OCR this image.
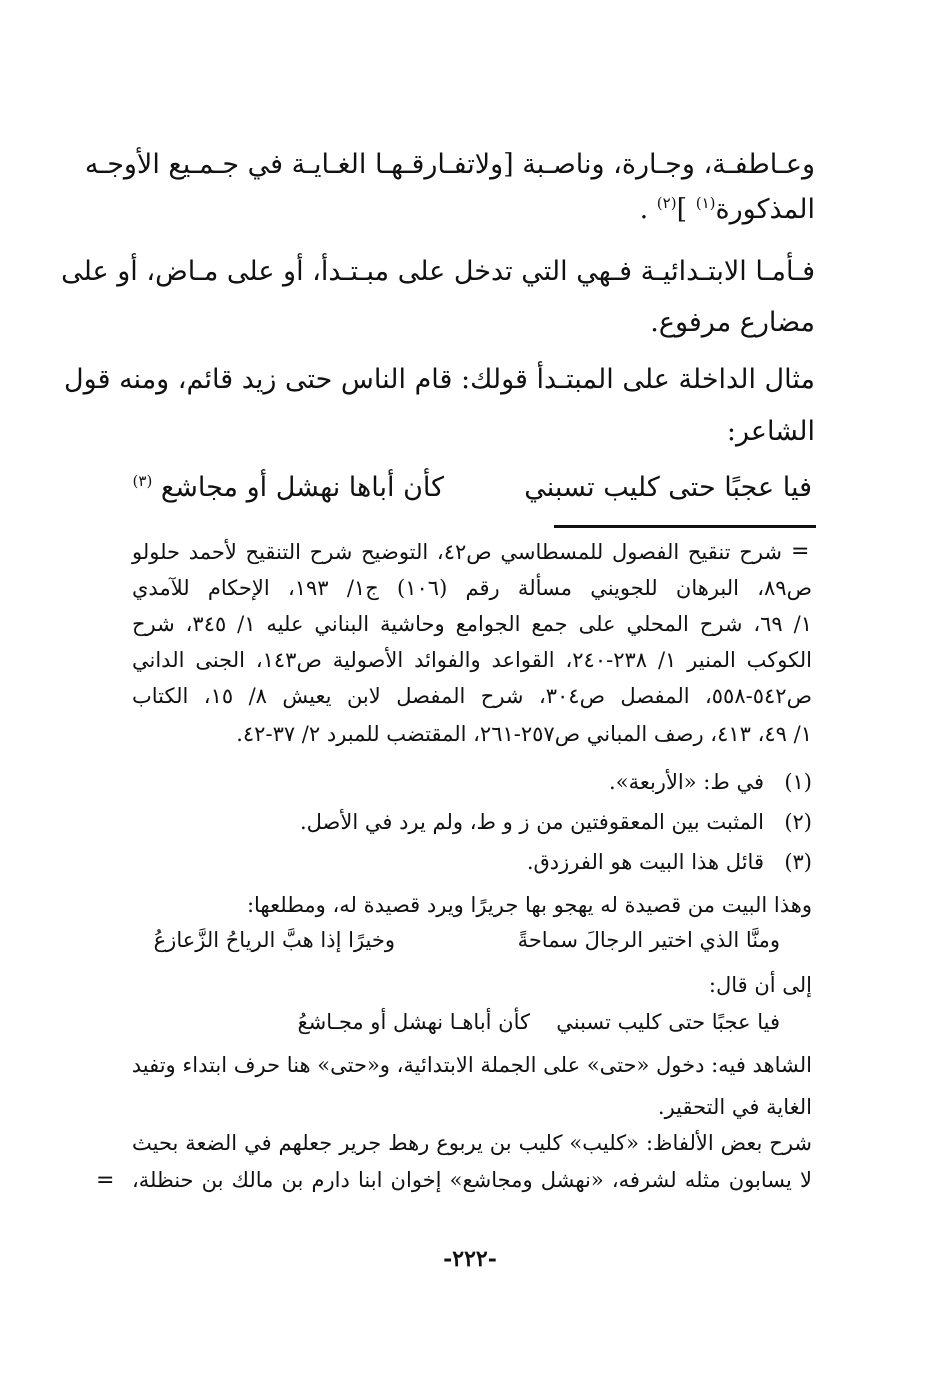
وعـاطفـة، وجـارة، وناصـبة [ولاتفـارقـهـا الغـايـة في جـمـيع الأوجـه
المذكورة$^{(١)}$ ]$^{(٢)}$ .
فـأمـا الابتـدائيـة فـهي التي تدخل على مبـتـدأ، أو على مـاض، أو على
مضارع مرفوع.
مثال الداخلة على المبتـدأ قولك: قام الناس حتى زيد قائم، ومنه قول
الشاعر:
فيا عجبًا حتى كليب تسبني
كأن أباها نهشل أو مجاشع $^{(٣)}$
=
شرح تنقيح الفصول للمسطاسي ص٤٢، التوضيح شرح التنقيح لأحمد حلولو
ص٨٩، البرهان للجويني مسألة رقم (١٠٦) ج١/ ١٩٣، الإحكام للآمدي
١/ ٦٩، شرح المحلي على جمع الجوامع وحاشية البناني عليه ١/ ٣٤٥، شرح
الكوكب المنير ١/ ٢٣٨-٢٤٠، القواعد والفوائد الأصولية ص١٤٣، الجنى الداني
ص٥٤٢-٥٥٨، المفصل ص٣٠٤، شرح المفصل لابن يعيش ٨/ ١٥، الكتاب
١/ ٤٩، ٤١٣، رصف المباني ص٢٥٧-٢٦١، المقتضب للمبرد ٢/ ٣٧-٤٢.
(١)
في ط: «الأربعة».
(٢)
المثبت بين المعقوفتين من ز و ط، ولم يرد في الأصل.
(٣)
قائل هذا البيت هو الفرزدق.
وهذا البيت من قصيدة له يهجو بها جريرًا ويرد قصيدة له، ومطلعها:
ومنَّا الذي اختير الرجالَ سماحةً
وخيرًا إذا هبَّ الرياحُ الزَّعازعُ
إلى أن قال:
فيا عجبًا حتى كليب تسبني
كأن أباهـا نهشل أو مجـاشعُ
الشاهد فيه: دخول «حتى» على الجملة الابتدائية، و«حتى» هنا حرف ابتداء وتفيد
الغاية في التحقير.
شرح بعض الألفاظ: «كليب» كليب بن يربوع رهط جرير جعلهم في الضعة بحيث
لا يسابون مثله لشرفه، «نهشل ومجاشع» إخوان ابنا دارم بن مالك بن حنظلة،
=
-٢٢٢-
